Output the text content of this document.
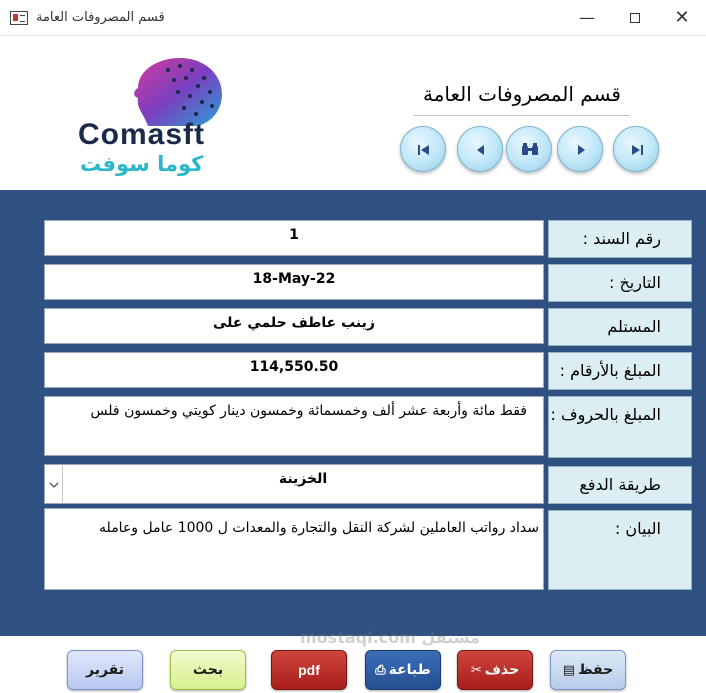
قسم المصروفات العامة	—	✕
Comasft
كوما سوفت
قسم المصروفات العامة
1	رقم السند :
18-May-22	التاريخ :
زينب عاطف حلمي على	المستلم
114,550.50	المبلغ بالأرقام :
فقط مائة وأربعة عشر ألف وخمسمائة وخمسون دينار كويتي وخمسون فلس	المبلغ بالحروف :
الخزينة	طريقة الدفع
سداد رواتب العاملين لشركة النقل والتجارة والمعدات ل 1000 عامل وعامله	البيان :
تقرير	بحث	pdf	طباعة⎙	حذف✂	حفظ▤
مستقل mostaql.com
